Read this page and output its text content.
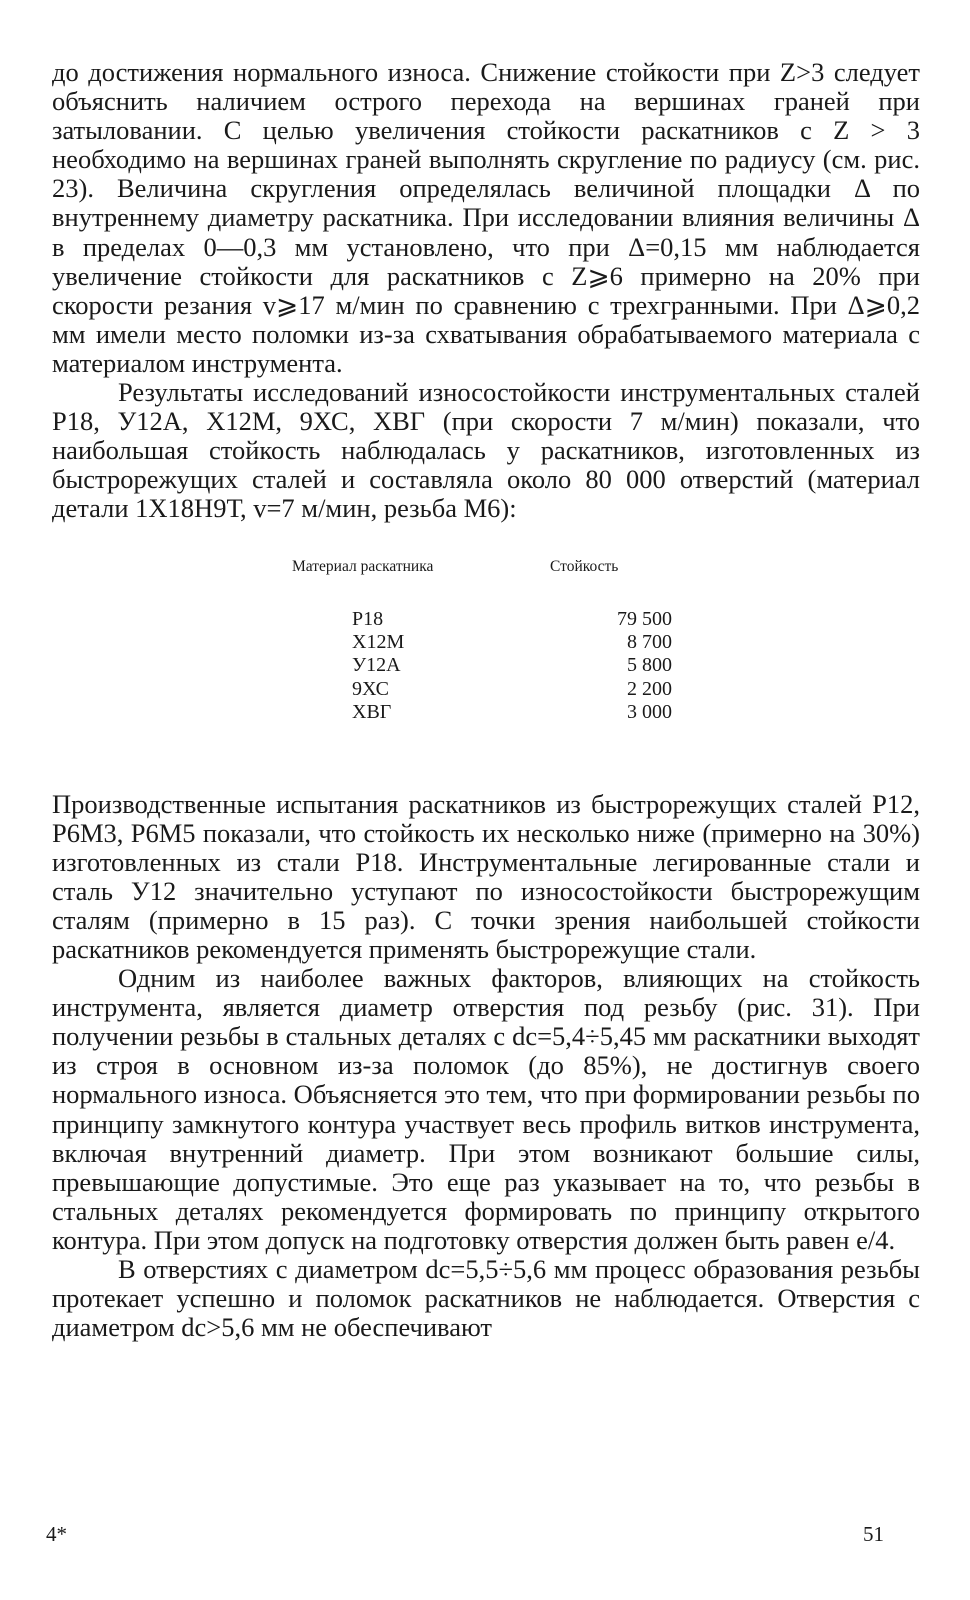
до достижения нормального износа. Снижение стойкости при Z>3 следует объяснить наличием острого перехода на вершинах граней при затыловании. С целью увеличения стойкости раскатников с Z > 3 необходимо на вершинах граней выполнять скругление по радиусу (см. рис. 23). Величина скругления определялась величиной площадки Δ по внутреннему диаметру раскатника. При исследовании влияния величины Δ в пределах 0—0,3 мм установлено, что при Δ=0,15 мм наблюдается увеличение стойкости для раскатников с Z⩾6 примерно на 20% при скорости резания v⩾17 м/мин по сравнению с трехгранными. При Δ⩾0,2 мм имели место поломки из-за схватывания обрабатываемого материала с материалом инструмента.

Результаты исследований износостойкости инструментальных сталей Р18, У12А, Х12М, 9ХС, ХВГ (при скорости 7 м/мин) показали, что наибольшая стойкость наблюдалась у раскатников, изготовленных из быстрорежущих сталей и составляла около 80 000 отверстий (материал детали 1Х18Н9Т, v=7 м/мин, резьба М6):

Материал раскатника	Стойкость
Р18
Х12М
У12А
9ХС
ХВГ
79 500
8 700
5 800
2 200
3 000

Производственные испытания раскатников из быстрорежущих сталей Р12, Р6М3, Р6М5 показали, что стойкость их несколько ниже (примерно на 30%) изготовленных из стали Р18. Инструментальные легированные стали и сталь У12 значительно уступают по износостойкости быстрорежущим сталям (примерно в 15 раз). С точки зрения наибольшей стойкости раскатников рекомендуется применять быстрорежущие стали.

Одним из наиболее важных факторов, влияющих на стойкость инструмента, является диаметр отверстия под резьбу (рис. 31). При получении резьбы в стальных деталях с dс=5,4÷5,45 мм раскатники выходят из строя в основном из-за поломок (до 85%), не достигнув своего нормального износа. Объясняется это тем, что при формировании резьбы по принципу замкнутого контура участвует весь профиль витков инструмента, включая внутренний диаметр. При этом возникают большие силы, превышающие допустимые. Это еще раз указывает на то, что резьбы в стальных деталях рекомендуется формировать по принципу открытого контура. При этом допуск на подготовку отверстия должен быть равен e/4.

В отверстиях с диаметром dс=5,5÷5,6 мм процесс образования резьбы протекает успешно и поломок раскатников не наблюдается. Отверстия с диаметром dс>5,6 мм не обеспечивают

4*	51
